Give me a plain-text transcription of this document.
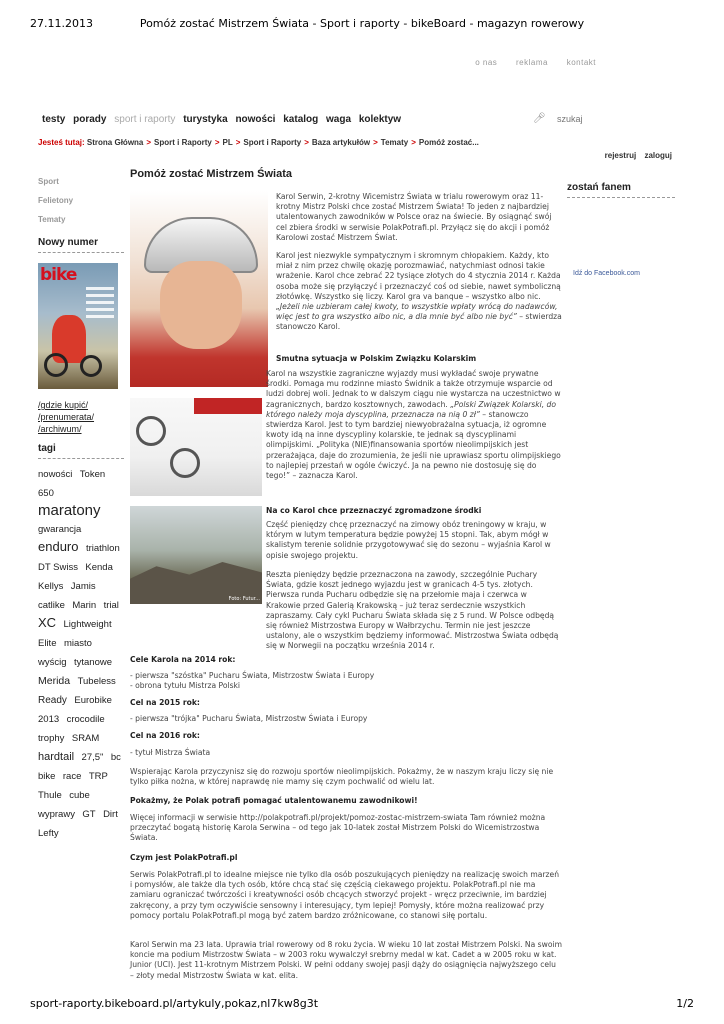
27.11.2013	Pomóż zostać Mistrzem Świata - Sport i raporty - bikeBoard - magazyn rowerowy
o nas reklama kontakt
testy porady sport i raporty turystyka nowości katalog waga kolektyw	🎤︎
szukaj
Jesteś tutaj: Strona Główna > Sport i Raporty > PL > Sport i Raporty > Baza artykułów > Tematy > Pomóż zostać...
rejestruj zaloguj
Sport
Felietony
Tematy
Nowy numer
bike
/gdzie kupić/
/prenumerata/
/archiwum/
tagi
nowości Token 650 maratony gwarancja enduro triathlon DT Swiss Kenda Kellys Jamis catlike Marin trial XC Lightweight Elite miasto wyścig tytanowe Merida Tubeless Ready Eurobike 2013 crocodile trophy SRAM hardtail 27,5" bc bike race TRP Thule cube wyprawy GT Dirt Lefty
Pomóż zostać Mistrzem Świata
Foto: Futur...

Karol Serwin, 2-krotny Wicemistrz Świata w trialu rowerowym oraz 11-krotny Mistrz Polski chce zostać Mistrzem Świata! To jeden z najbardziej utalentowanych zawodników w Polsce oraz na świecie. By osiągnąć swój cel zbiera środki w serwisie PolakPotrafi.pl. Przyłącz się do akcji i pomóż Karolowi zostać Mistrzem Świat.

Karol jest niezwykle sympatycznym i skromnym chłopakiem. Każdy, kto miał z nim przez chwilę okazję porozmawiać, natychmiast odnosi takie wrażenie. Karol chce zebrać 22 tysiące złotych do 4 stycznia 2014 r. Każda osoba może się przyłączyć i przeznaczyć coś od siebie, nawet symboliczną złotówkę. Wszystko się liczy. Karol gra va banque – wszystko albo nic. „Jeżeli nie uzbieram całej kwoty, to wszystkie wpłaty wrócą do nadawców, więc jest to gra wszystko albo nic, a dla mnie być albo nie być” – stwierdza stanowczo Karol.

Smutna sytuacja w Polskim Związku Kolarskim

Karol na wszystkie zagraniczne wyjazdy musi wykładać swoje prywatne środki. Pomaga mu rodzinne miasto Świdnik a także otrzymuje wsparcie od ludzi dobrej woli. Jednak to w dalszym ciągu nie wystarcza na uczestnictwo w zagranicznych, bardzo kosztownych, zawodach. „Polski Związek Kolarski, do którego należy moja dyscyplina, przeznacza na nią 0 zł” – stanowczo stwierdza Karol. Jest to tym bardziej niewyobrażalna sytuacja, iż ogromne kwoty idą na inne dyscypliny kolarskie, te jednak są dyscyplinami olimpijskimi. „Polityka (NIE)finansowania sportów nieolimpijskich jest przerażająca, daje do zrozumienia, że jeśli nie uprawiasz sportu olimpijskiego to najlepiej przestań w ogóle ćwiczyć. Ja na pewno nie dostosuję się do tego!” – zaznacza Karol.

Na co Karol chce przeznaczyć zgromadzone środki

Część pieniędzy chcę przeznaczyć na zimowy obóz treningowy w kraju, w którym w lutym temperatura będzie powyżej 15 stopni. Tak, abym mógł w skalistym terenie solidnie przygotowywać się do sezonu – wyjaśnia Karol w opisie swojego projektu.

Reszta pieniędzy będzie przeznaczona na zawody, szczególnie Puchary Świata, gdzie koszt jednego wyjazdu jest w granicach 4-5 tys. złotych. Pierwsza runda Pucharu odbędzie się na przełomie maja i czerwca w Krakowie przed Galerią Krakowską – już teraz serdecznie wszystkich zapraszamy. Cały cykl Pucharu Świata składa się z 5 rund. W Polsce odbędą się również Mistrzostwa Europy w Wałbrzychu. Termin nie jest jeszcze ustalony, ale o wszystkim będziemy informować. Mistrzostwa Świata odbędą się w Norwegii na początku września 2014 r.

Cele Karola na 2014 rok:

- pierwsza "szóstka" Pucharu Świata, Mistrzostw Świata i Europy

- obrona tytułu Mistrza Polski

Cel na 2015 rok:

- pierwsza "trójka" Pucharu Świata, Mistrzostw Świata i Europy

Cel na 2016 rok:

- tytuł Mistrza Świata

Wspierając Karola przyczynisz się do rozwoju sportów nieolimpijskich. Pokażmy, że w naszym kraju liczy się nie tylko piłka nożna, w której naprawdę nie mamy się czym pochwalić od wielu lat.

Pokażmy, że Polak potrafi pomagać utalentowanemu zawodnikowi!

Więcej informacji w serwisie http://polakpotrafi.pl/projekt/pomoz-zostac-mistrzem-swiata Tam również można przeczytać bogatą historię Karola Serwina – od tego jak 10-latek został Mistrzem Polski do Wicemistrzostwa Świata.

Czym jest PolakPotrafi.pl

Serwis PolakPotrafi.pl to idealne miejsce nie tylko dla osób poszukujących pieniędzy na realizację swoich marzeń i pomysłów, ale także dla tych osób, które chcą stać się częścią ciekawego projektu. PolakPotrafi.pl nie ma zamiaru ograniczać twórczości i kreatywności osób chcących stworzyć projekt - wręcz przeciwnie, im bardziej zakręcony, a przy tym oczywiście sensowny i interesujący, tym lepiej! Pomysły, które można realizować przy pomocy portalu PolakPotrafi.pl mogą być zatem bardzo zróżnicowane, co stanowi siłę portalu.

Karol Serwin ma 23 lata. Uprawia trial rowerowy od 8 roku życia. W wieku 10 lat został Mistrzem Polski. Na swoim koncie ma podium Mistrzostw Świata – w 2003 roku wywalczył srebrny medal w kat. Cadet a w 2005 roku w kat. Junior (UCI). Jest 11-krotnym Mistrzem Polski. W pełni oddany swojej pasji dąży do osiągnięcia najwyższego celu – złoty medal Mistrzostw Świata w kat. elita.

zostań fanem
Idź do Facebook.com
sport-raporty.bikeboard.pl/artykuly,pokaz,nl7kw8g3t	1/2
